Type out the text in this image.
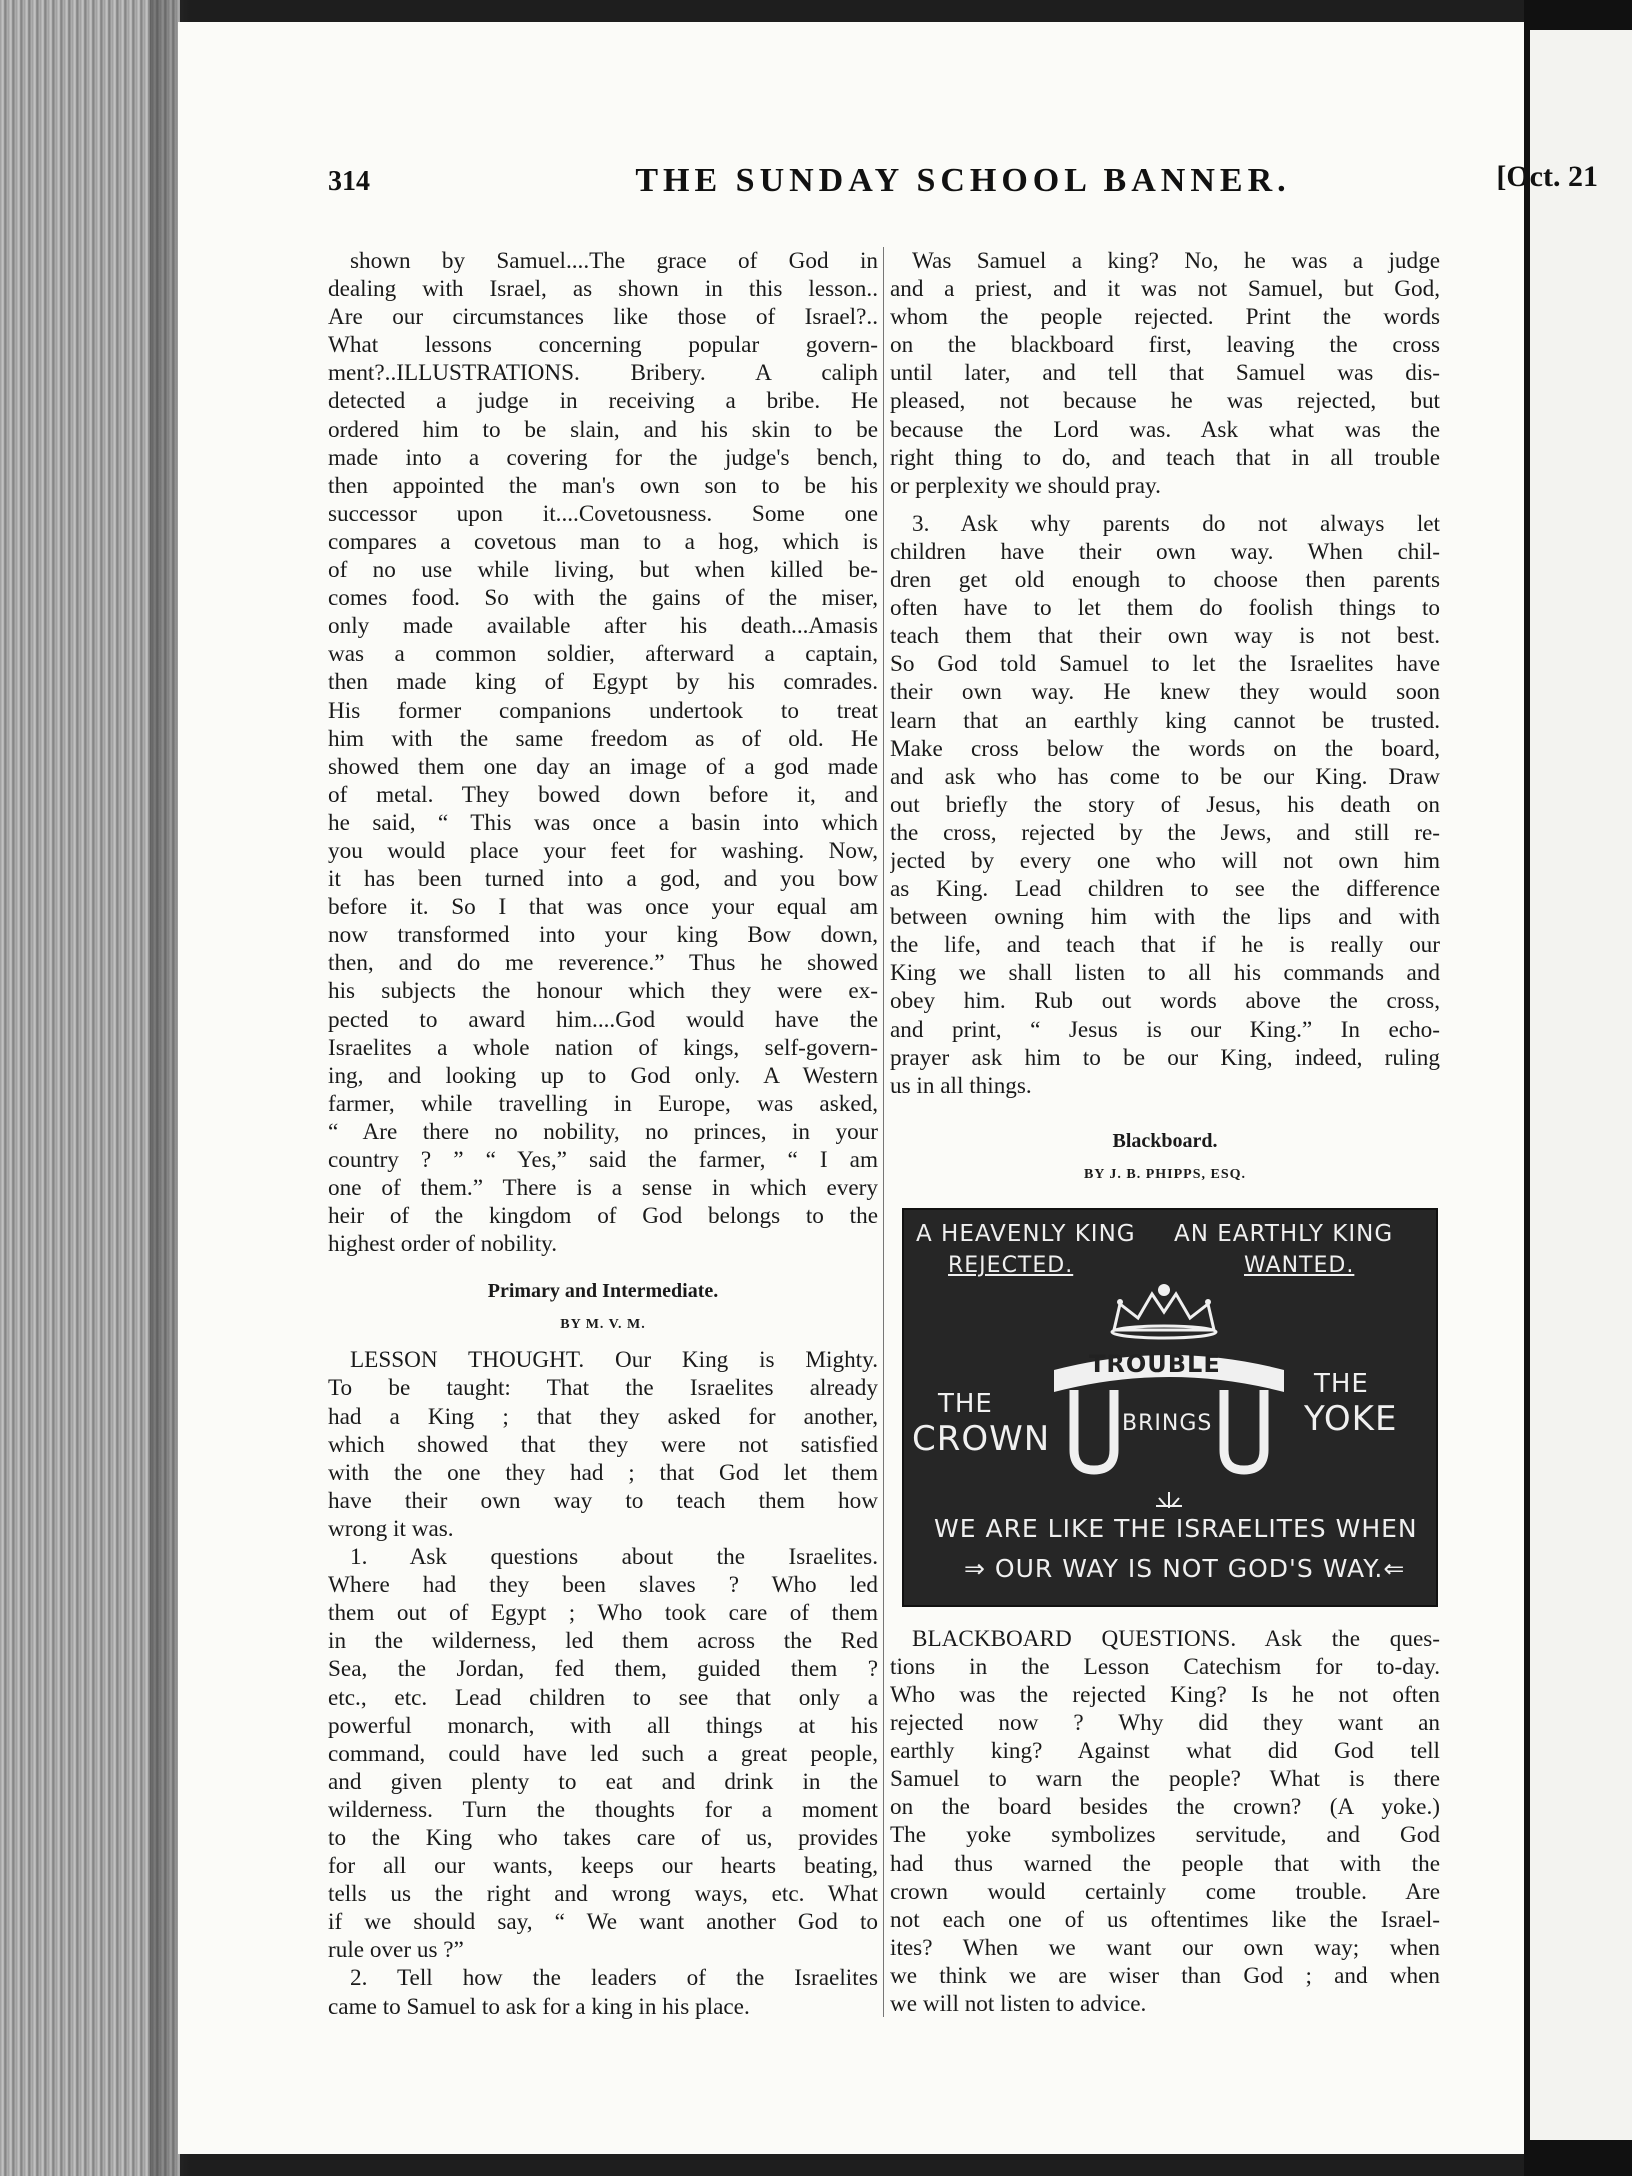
314	THE SUNDAY SCHOOL BANNER.	[Oct. 21
shown by Samuel....The grace of God in
dealing with Israel, as shown in this lesson..
Are our circumstances like those of Israel?..
What lessons concerning popular govern-
ment?..ILLUSTRATIONS. Bribery. A caliph
detected a judge in receiving a bribe. He
ordered him to be slain, and his skin to be
made into a covering for the judge's bench,
then appointed the man's own son to be his
successor upon it....Covetousness. Some one
compares a covetous man to a hog, which is
of no use while living, but when killed be-
comes food. So with the gains of the miser,
only made available after his death...Amasis
was a common soldier, afterward a captain,
then made king of Egypt by his comrades.
His former companions undertook to treat
him with the same freedom as of old. He
showed them one day an image of a god made
of metal. They bowed down before it, and
he said, “ This was once a basin into which
you would place your feet for washing. Now,
it has been turned into a god, and you bow
before it. So I that was once your equal am
now transformed into your king Bow down,
then, and do me reverence.” Thus he showed
his subjects the honour which they were ex-
pected to award him....God would have the
Israelites a whole nation of kings, self-govern-
ing, and looking up to God only. A Western
farmer, while travelling in Europe, was asked,
“ Are there no nobility, no princes, in your
country ? ” “ Yes,” said the farmer, “ I am
one of them.” There is a sense in which every
heir of the kingdom of God belongs to the
highest order of nobility.
Primary and Intermediate.
BY M. V. M.
LESSON THOUGHT. Our King is Mighty.
To be taught: That the Israelites already
had a King ; that they asked for another,
which showed that they were not satisfied
with the one they had ; that God let them
have their own way to teach them how
wrong it was.
1. Ask questions about the Israelites.
Where had they been slaves ? Who led
them out of Egypt ; Who took care of them
in the wilderness, led them across the Red
Sea, the Jordan, fed them, guided them ?
etc., etc. Lead children to see that only a
powerful monarch, with all things at his
command, could have led such a great people,
and given plenty to eat and drink in the
wilderness. Turn the thoughts for a moment
to the King who takes care of us, provides
for all our wants, keeps our hearts beating,
tells us the right and wrong ways, etc. What
if we should say, “ We want another God to
rule over us ?”
2. Tell how the leaders of the Israelites
came to Samuel to ask for a king in his place.
Was Samuel a king? No, he was a judge
and a priest, and it was not Samuel, but God,
whom the people rejected. Print the words
on the blackboard first, leaving the cross
until later, and tell that Samuel was dis-
pleased, not because he was rejected, but
because the Lord was. Ask what was the
right thing to do, and teach that in all trouble
or perplexity we should pray.
3. Ask why parents do not always let
children have their own way. When chil-
dren get old enough to choose then parents
often have to let them do foolish things to
teach them that their own way is not best.
So God told Samuel to let the Israelites have
their own way. He knew they would soon
learn that an earthly king cannot be trusted.
Make cross below the words on the board,
and ask who has come to be our King. Draw
out briefly the story of Jesus, his death on
the cross, rejected by the Jews, and still re-
jected by every one who will not own him
as King. Lead children to see the difference
between owning him with the lips and with
the life, and teach that if he is really our
King we shall listen to all his commands and
obey him. Rub out words above the cross,
and print, “ Jesus is our King.” In echo-
prayer ask him to be our King, indeed, ruling
us in all things.
Blackboard.
BY J. B. PHIPPS, ESQ.
A HEAVENLY KING
REJECTED.
AN EARTHLY KING
WANTED.
TROUBLE
BRINGS
THE
CROWN
THE
YOKE
WE ARE LIKE THE ISRAELITES WHEN
⇒ OUR WAY IS NOT GOD'S WAY.⇐
BLACKBOARD QUESTIONS. Ask the ques-
tions in the Lesson Catechism for to-day.
Who was the rejected King? Is he not often
rejected now ? Why did they want an
earthly king? Against what did God tell
Samuel to warn the people? What is there
on the board besides the crown? (A yoke.)
The yoke symbolizes servitude, and God
had thus warned the people that with the
crown would certainly come trouble. Are
not each one of us oftentimes like the Israel-
ites? When we want our own way; when
we think we are wiser than God ; and when
we will not listen to advice.
